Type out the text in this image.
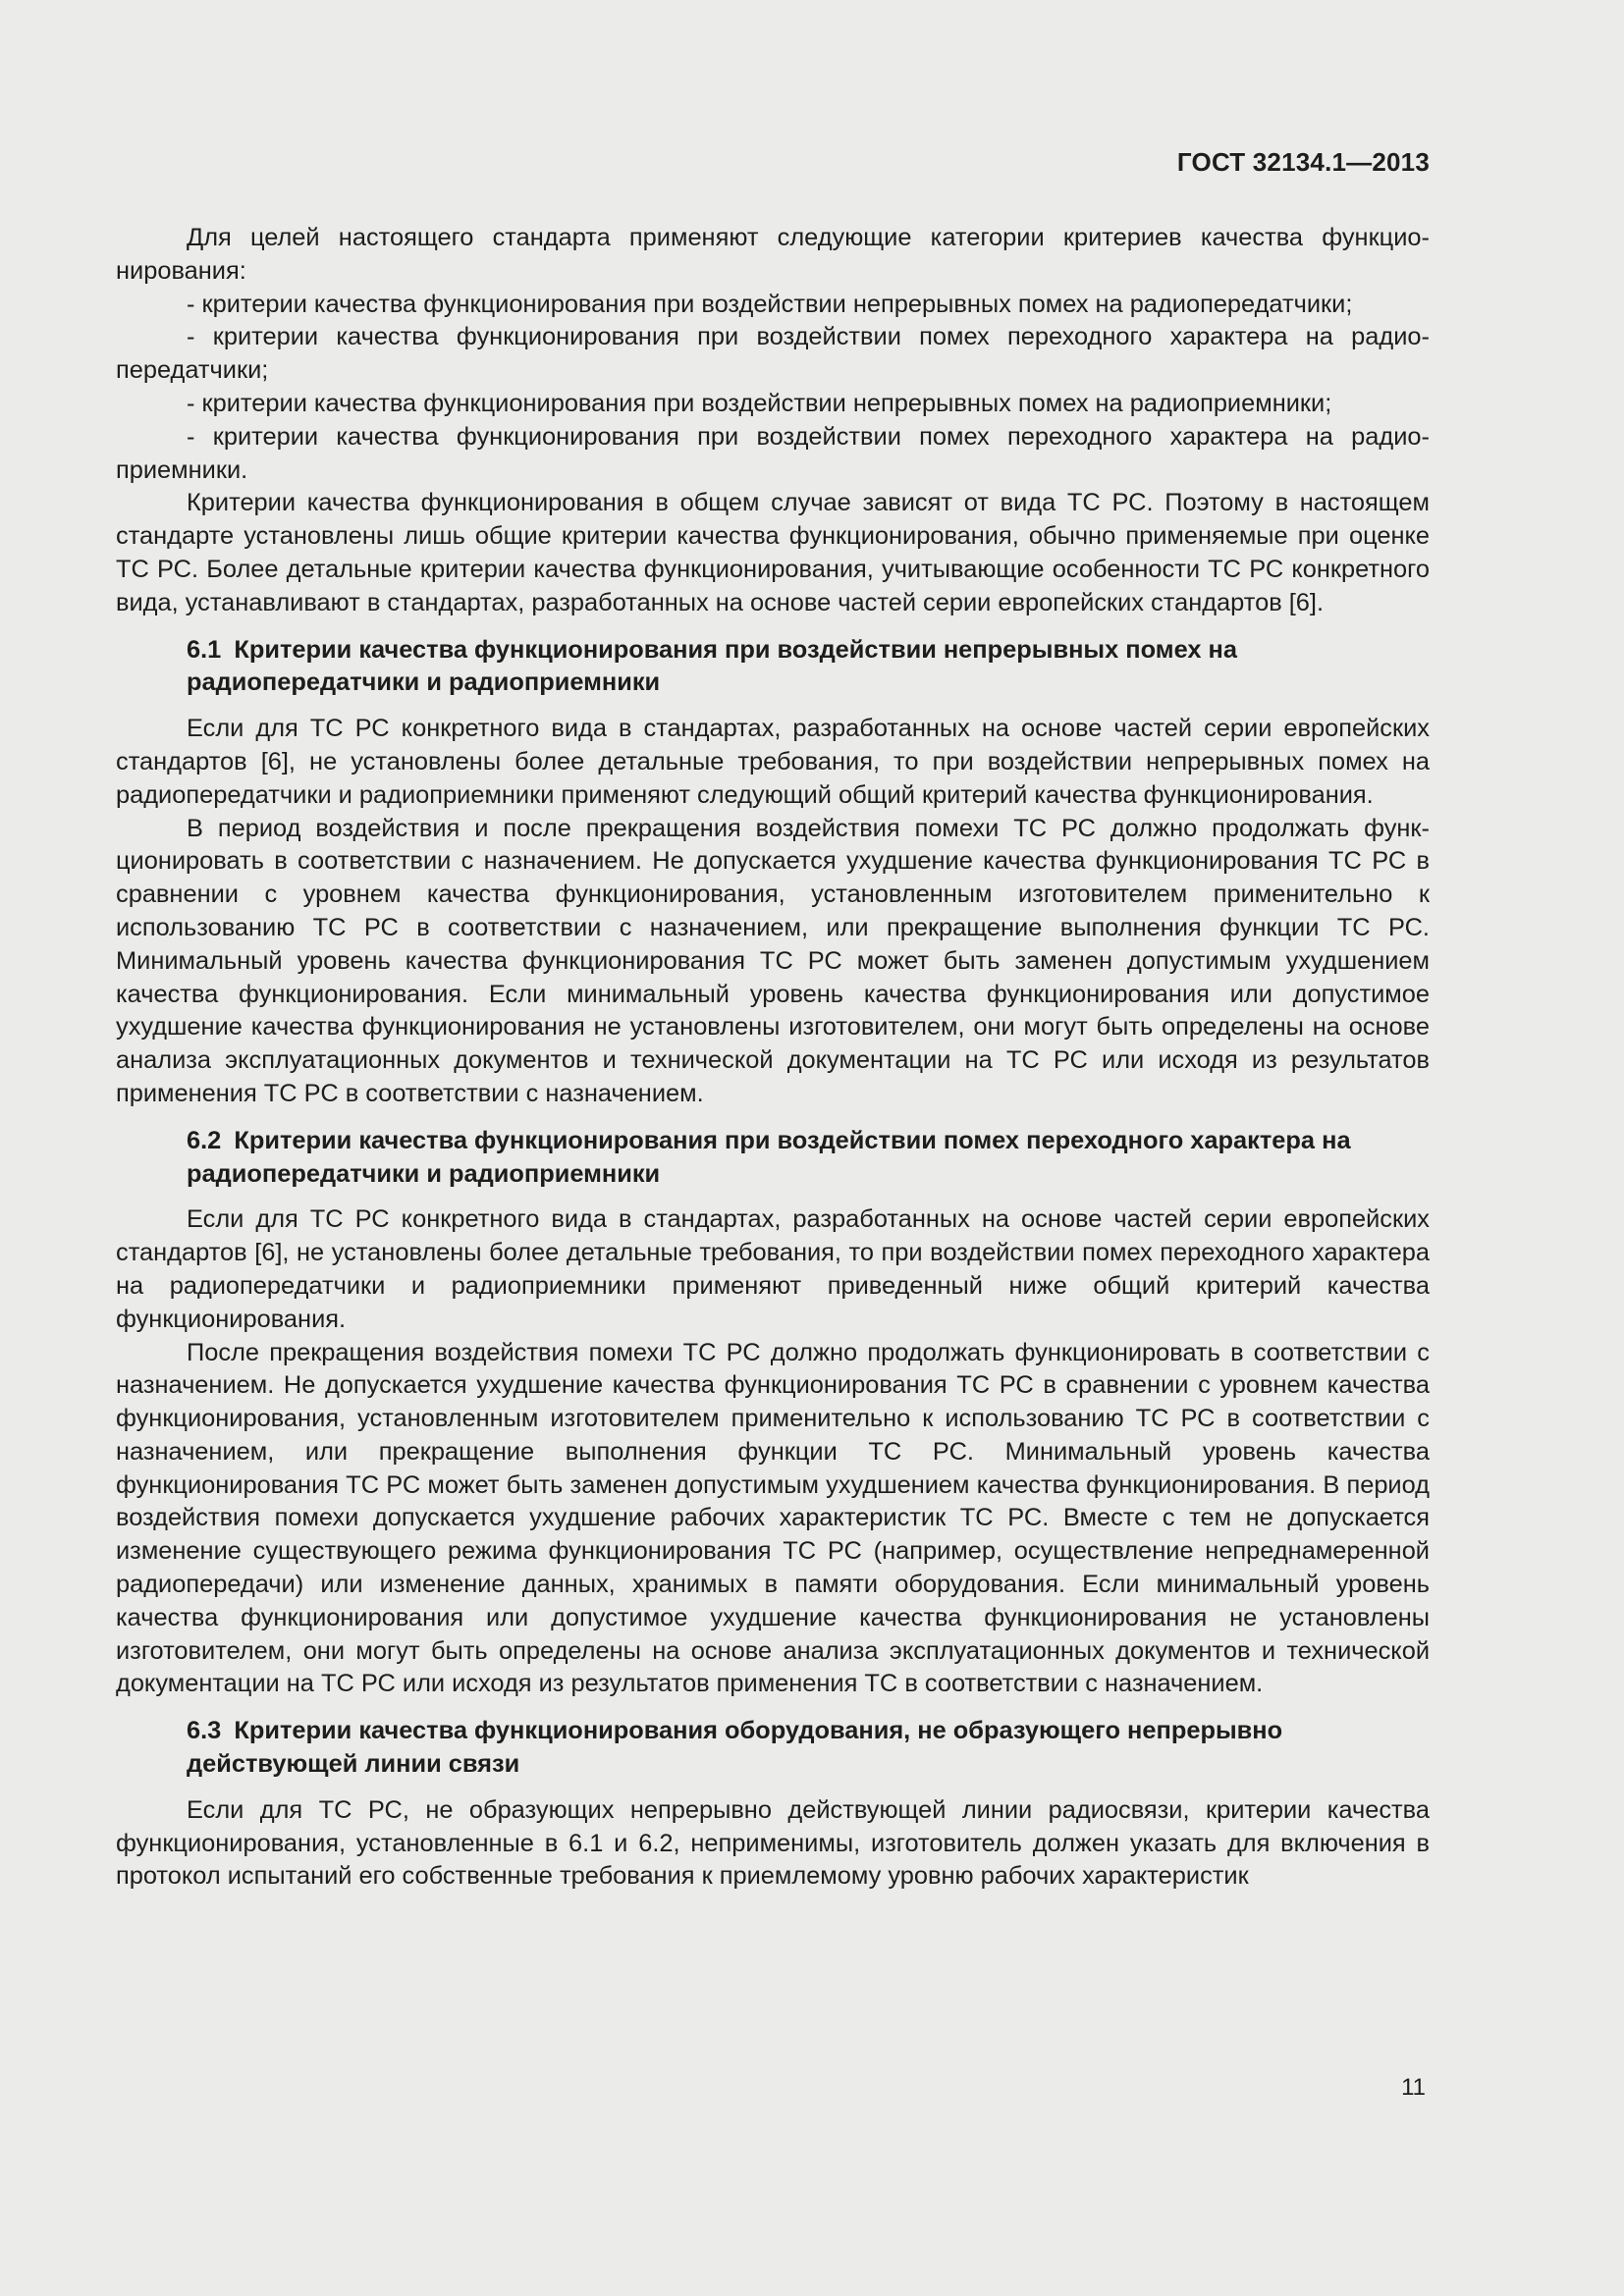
ГОСТ 32134.1—2013

Для целей настоящего стандарта применяют следующие категории критериев качества функционирования:

- критерии качества функционирования при воздействии непрерывных помех на радиопередатчики;

- критерии качества функционирования при воздействии помех переходного характера на радиопередатчики;

- критерии качества функционирования при воздействии непрерывных помех на радиоприемники;

- критерии качества функционирования при воздействии помех переходного характера на радиоприемники.

Критерии качества функционирования в общем случае зависят от вида ТС РС. Поэтому в настоящем стандарте установлены лишь общие критерии качества функционирования, обычно применяемые при оценке ТС РС. Более детальные критерии качества функционирования, учитывающие особенности ТС РС конкретного вида, устанавливают в стандартах, разработанных на основе частей серии европейских стандартов [6].

6.1 Критерии качества функционирования при воздействии непрерывных помех на радиопередатчики и радиоприемники

Если для ТС РС конкретного вида в стандартах, разработанных на основе частей серии европейских стандартов [6], не установлены более детальные требования, то при воздействии непрерывных помех на радиопередатчики и радиоприемники применяют следующий общий критерий качества функционирования.

В период воздействия и после прекращения воздействия помехи ТС РС должно продолжать функционировать в соответствии с назначением. Не допускается ухудшение качества функционирования ТС РС в сравнении с уровнем качества функционирования, установленным изготовителем применительно к использованию ТС РС в соответствии с назначением, или прекращение выполнения функции ТС РС. Минимальный уровень качества функционирования ТС РС может быть заменен допустимым ухудшением качества функционирования. Если минимальный уровень качества функционирования или допустимое ухудшение качества функционирования не установлены изготовителем, они могут быть определены на основе анализа эксплуатационных документов и технической документации на ТС РС или исходя из результатов применения ТС РС в соответствии с назначением.

6.2 Критерии качества функционирования при воздействии помех переходного характера на радиопередатчики и радиоприемники

Если для ТС РС конкретного вида в стандартах, разработанных на основе частей серии европейских стандартов [6], не установлены более детальные требования, то при воздействии помех переходного характера на радиопередатчики и радиоприемники применяют приведенный ниже общий критерий качества функционирования.

После прекращения воздействия помехи ТС РС должно продолжать функционировать в соответствии с назначением. Не допускается ухудшение качества функционирования ТС РС в сравнении с уровнем качества функционирования, установленным изготовителем применительно к использованию ТС РС в соответствии с назначением, или прекращение выполнения функции ТС РС. Минимальный уровень качества функционирования ТС РС может быть заменен допустимым ухудшением качества функционирования. В период воздействия помехи допускается ухудшение рабочих характеристик ТС РС. Вместе с тем не допускается изменение существующего режима функционирования ТС РС (например, осуществление непреднамеренной радиопередачи) или изменение данных, хранимых в памяти оборудования. Если минимальный уровень качества функционирования или допустимое ухудшение качества функционирования не установлены изготовителем, они могут быть определены на основе анализа эксплуатационных документов и технической документации на ТС РС или исходя из результатов применения ТС в соответствии с назначением.

6.3 Критерии качества функционирования оборудования, не образующего непрерывно действующей линии связи

Если для ТС РС, не образующих непрерывно действующей линии радиосвязи, критерии качества функционирования, установленные в 6.1 и 6.2, неприменимы, изготовитель должен указать для включения в протокол испытаний его собственные требования к приемлемому уровню рабочих характеристик

11
